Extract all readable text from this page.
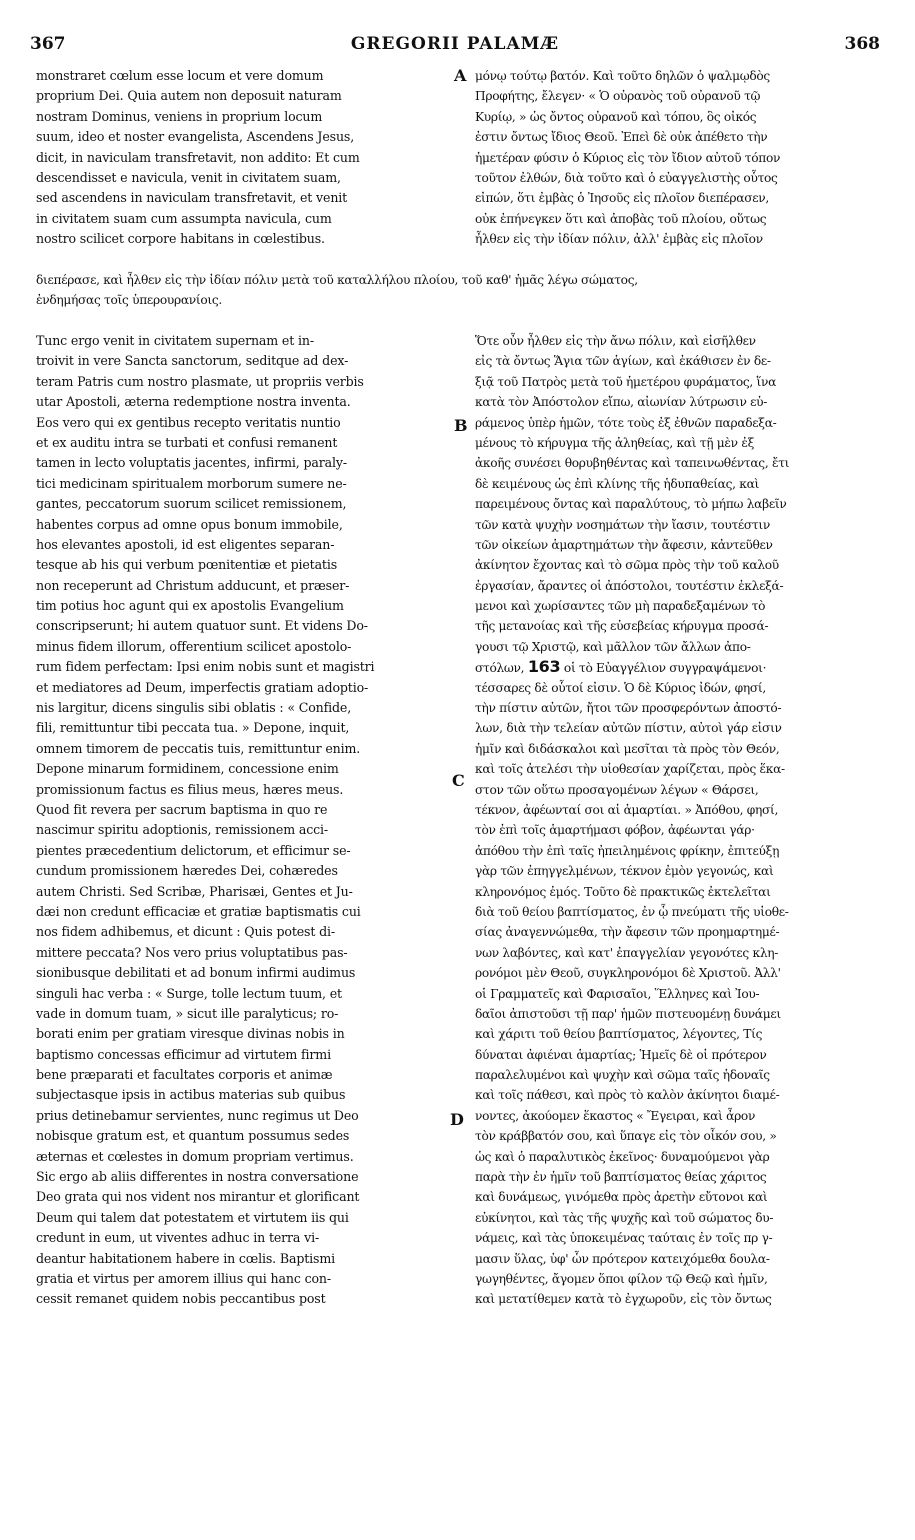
367	GREGORII PALAMÆ	368
A
B
C
D

monstraret cœlum esse locum et vere domum

proprium Dei. Quia autem non deposuit naturam

nostram Dominus, veniens in proprium locum

suum, ideo et noster evangelista, Ascendens Jesus,

dicit, in naviculam transfretavit, non addito: Et cum

descendisset e navicula, venit in civitatem suam,

sed ascendens in naviculam transfretavit, et venit

in civitatem suam cum assumpta navicula, cum

nostro scilicet corpore habitans in cœlestibus.

μόνῳ τούτῳ βατόν. Καὶ τοῦτο δηλῶν ὁ ψαλμῳδὸς

Προφήτης, ἔλεγεν· « Ὁ οὐρανὸς τοῦ οὐρανοῦ τῷ

Κυρίῳ, » ὡς ὄντος οὐρανοῦ καὶ τόπου, ὃς οἰκός

ἐστιν ὄντως ἴδιος Θεοῦ. Ἐπεὶ δὲ οὐκ ἀπέθετο τὴν

ἡμετέραν φύσιν ὁ Κύριος εἰς τὸν ἴδιον αὐτοῦ τόπον

τοῦτον ἐλθών, διὰ τοῦτο καὶ ὁ εὐαγγελιστὴς οὗτος

εἰπών, ὅτι ἐμβὰς ὁ Ἰησοῦς εἰς πλοῖον διεπέρασεν,

οὐκ ἐπήνεγκεν ὅτι καὶ ἀποβὰς τοῦ πλοίου, οὕτως

ἦλθεν εἰς τὴν ἰδίαν πόλιν, ἀλλ' ἐμβὰς εἰς πλοῖον

διεπέρασε, καὶ ἦλθεν εἰς τὴν ἰδίαν πόλιν μετὰ τοῦ καταλλήλου πλοίου, τοῦ καθ' ἡμᾶς λέγω σώματος,

ἐνδημήσας τοῖς ὑπερουρανίοις.

Tunc ergo venit in civitatem supernam et in-

troivit in vere Sancta sanctorum, seditque ad dex-

teram Patris cum nostro plasmate, ut propriis verbis

utar Apostoli, æterna redemptione nostra inventa.

Eos vero qui ex gentibus recepto veritatis nuntio

et ex auditu intra se turbati et confusi remanent

tamen in lecto voluptatis jacentes, infirmi, paraly-

tici medicinam spiritualem morborum sumere ne-

gantes, peccatorum suorum scilicet remissionem,

habentes corpus ad omne opus bonum immobile,

hos elevantes apostoli, id est eligentes separan-

tesque ab his qui verbum pœnitentiæ et pietatis

non receperunt ad Christum adducunt, et præser-

tim potius hoc agunt qui ex apostolis Evangelium

conscripserunt; hi autem quatuor sunt. Et videns Do-

minus fidem illorum, offerentium scilicet apostolo-

rum fidem perfectam: Ipsi enim nobis sunt et magistri

et mediatores ad Deum, imperfectis gratiam adoptio-

nis largitur, dicens singulis sibi oblatis : « Confide,

fili, remittuntur tibi peccata tua. » Depone, inquit,

omnem timorem de peccatis tuis, remittuntur enim.

Depone minarum formidinem, concessione enim

promissionum factus es filius meus, hæres meus.

Quod fit revera per sacrum baptisma in quo re

nascimur spiritu adoptionis, remissionem acci-

pientes præcedentium delictorum, et efficimur se-

cundum promissionem hæredes Dei, cohæredes

autem Christi. Sed Scribæ, Pharisæi, Gentes et Ju-

dæi non credunt efficaciæ et gratiæ baptismatis cui

nos fidem adhibemus, et dicunt : Quis potest di-

mittere peccata? Nos vero prius voluptatibus pas-

sionibusque debilitati et ad bonum infirmi audimus

singuli hac verba : « Surge, tolle lectum tuum, et

vade in domum tuam, » sicut ille paralyticus; ro-

borati enim per gratiam viresque divinas nobis in

baptismo concessas efficimur ad virtutem firmi

bene præparati et facultates corporis et animæ

subjectasque ipsis in actibus materias sub quibus

prius detinebamur servientes, nunc regimus ut Deo

nobisque gratum est, et quantum possumus sedes

æternas et cœlestes in domum propriam vertimus.

Sic ergo ab aliis differentes in nostra conversatione

Deo grata qui nos vident nos mirantur et glorificant

Deum qui talem dat potestatem et virtutem iis qui

credunt in eum, ut viventes adhuc in terra vi-

deantur habitationem habere in cœlis. Baptismi

gratia et virtus per amorem illius qui hanc con-

cessit remanet quidem nobis peccantibus post

Ὅτε οὖν ἦλθεν εἰς τὴν ἄνω πόλιν, καὶ εἰσῆλθεν

εἰς τὰ ὄντως Ἅγια τῶν ἁγίων, καὶ ἐκάθισεν ἐν δε-

ξιᾷ τοῦ Πατρὸς μετὰ τοῦ ἡμετέρου φυράματος, ἵνα

κατὰ τὸν Ἀπόστολον εἴπω, αἰωνίαν λύτρωσιν εὑ-

ράμενος ὑπὲρ ἡμῶν, τότε τοὺς ἐξ ἐθνῶν παραδεξα-

μένους τὸ κήρυγμα τῆς ἀληθείας, καὶ τῇ μὲν ἐξ

ἀκοῆς συνέσει θορυβηθέντας καὶ ταπεινωθέντας, ἔτι

δὲ κειμένους ὡς ἐπὶ κλίνης τῆς ἡδυπαθείας, καὶ

παρειμένους ὄντας καὶ παραλύτους, τὸ μήπω λαβεῖν

τῶν κατὰ ψυχὴν νοσημάτων τὴν ἴασιν, τουτέστιν

τῶν οἰκείων ἁμαρτημάτων τὴν ἄφεσιν, κἀντεῦθεν

ἀκίνητον ἔχοντας καὶ τὸ σῶμα πρὸς τὴν τοῦ καλοῦ

ἐργασίαν, ἄραντες οἱ ἀπόστολοι, τουτέστιν ἐκλεξά-

μενοι καὶ χωρίσαντες τῶν μὴ παραδεξαμένων τὸ

τῆς μετανοίας καὶ τῆς εὐσεβείας κήρυγμα προσά-

γουσι τῷ Χριστῷ, καὶ μᾶλλον τῶν ἄλλων ἀπο-

στόλων, 163 οἱ τὸ Εὐαγγέλιον συγγραψάμενοι·

τέσσαρες δὲ οὗτοί εἰσιν. Ὁ δὲ Κύριος ἰδών, φησί,

τὴν πίστιν αὐτῶν, ἤτοι τῶν προσφερόντων ἀποστό-

λων, διὰ τὴν τελείαν αὐτῶν πίστιν, αὐτοὶ γάρ εἰσιν

ἡμῖν καὶ διδάσκαλοι καὶ μεσῖται τὰ πρὸς τὸν Θεόν,

καὶ τοῖς ἀτελέσι τὴν υἱοθεσίαν χαρίζεται, πρὸς ἕκα-

στον τῶν οὕτω προσαγομένων λέγων « Θάρσει,

τέκνον, ἀφέωνταί σοι αἱ ἁμαρτίαι. » Ἀπόθου, φησί,

τὸν ἐπὶ τοῖς ἁμαρτήμασι φόβον, ἀφέωνται γάρ·

ἀπόθου τὴν ἐπὶ ταῖς ἠπειλημένοις φρίκην, ἐπιτεύξῃ

γὰρ τῶν ἐπηγγελμένων, τέκνον ἐμὸν γεγονώς, καὶ

κληρονόμος ἐμός. Τοῦτο δὲ πρακτικῶς ἐκτελεῖται

διὰ τοῦ θείου βαπτίσματος, ἐν ᾧ πνεύματι τῆς υἱοθε-

σίας ἀναγεννώμεθα, τὴν ἄφεσιν τῶν προημαρτημέ-

νων λαβόντες, καὶ κατ' ἐπαγγελίαν γεγονότες κλη-

ρονόμοι μὲν Θεοῦ, συγκληρονόμοι δὲ Χριστοῦ. Ἀλλ'

οἱ Γραμματεῖς καὶ Φαρισαῖοι, Ἕλληνες καὶ Ἰου-

δαῖοι ἀπιστοῦσι τῇ παρ' ἡμῶν πιστευομένῃ δυνάμει

καὶ χάριτι τοῦ θείου βαπτίσματος, λέγοντες, Τίς

δύναται ἀφιέναι ἁμαρτίας; Ἡμεῖς δὲ οἱ πρότερον

παραλελυμένοι καὶ ψυχὴν καὶ σῶμα ταῖς ἡδοναῖς

καὶ τοῖς πάθεσι, καὶ πρὸς τὸ καλὸν ἀκίνητοι διαμέ-

νοντες, ἀκούομεν ἕκαστος « Ἔγειραι, καὶ ἆρον

τὸν κράββατόν σου, καὶ ὕπαγε εἰς τὸν οἶκόν σου, »

ὡς καὶ ὁ παραλυτικὸς ἐκεῖνος· δυναμούμενοι γὰρ

παρὰ τὴν ἐν ἡμῖν τοῦ βαπτίσματος θείας χάριτος

καὶ δυνάμεως, γινόμεθα πρὸς ἀρετὴν εὔτονοι καὶ

εὐκίνητοι, καὶ τὰς τῆς ψυχῆς καὶ τοῦ σώματος δυ-

νάμεις, καὶ τὰς ὑποκειμένας ταύταις ἐν τοῖς πρ γ-

μασιν ὕλας, ὑφ' ὧν πρότερον κατειχόμεθα δουλα-

γωγηθέντες, ἄγομεν ὅποι φίλον τῷ Θεῷ καὶ ἡμῖν,

καὶ μετατίθεμεν κατὰ τὸ ἐγχωροῦν, εἰς τὸν ὄντως
